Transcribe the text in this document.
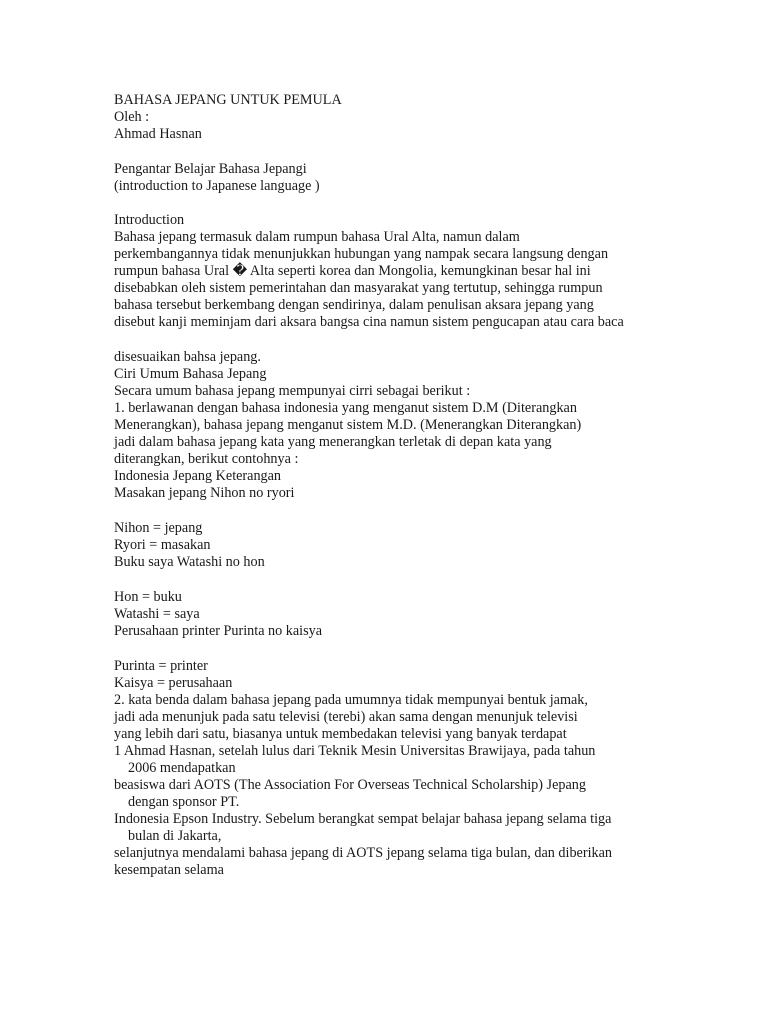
BAHASA JEPANG UNTUK PEMULA

Oleh :

Ahmad Hasnan

Pengantar Belajar Bahasa Jepangi

(introduction to Japanese language )

Introduction

Bahasa jepang termasuk dalam rumpun bahasa Ural Alta, namun dalam

perkembangannya tidak menunjukkan hubungan yang nampak secara langsung dengan

rumpun bahasa Ural � Alta seperti korea dan Mongolia, kemungkinan besar hal ini

disebabkan oleh sistem pemerintahan dan masyarakat yang tertutup, sehingga rumpun

bahasa tersebut berkembang dengan sendirinya, dalam penulisan aksara jepang yang

disebut kanji meminjam dari aksara bangsa cina namun sistem pengucapan atau cara baca

disesuaikan bahsa jepang.

Ciri Umum Bahasa Jepang

Secara umum bahasa jepang mempunyai cirri sebagai berikut :

1. berlawanan dengan bahasa indonesia yang menganut sistem D.M (Diterangkan

Menerangkan), bahasa jepang menganut sistem M.D. (Menerangkan Diterangkan)

jadi dalam bahasa jepang kata yang menerangkan terletak di depan kata yang

diterangkan, berikut contohnya :

Indonesia Jepang Keterangan

Masakan jepang Nihon no ryori

Nihon = jepang

Ryori = masakan

Buku saya Watashi no hon

Hon = buku

Watashi = saya

Perusahaan printer Purinta no kaisya

Purinta = printer

Kaisya = perusahaan

2. kata benda dalam bahasa jepang pada umumnya tidak mempunyai bentuk jamak,

jadi ada menunjuk pada satu televisi (terebi) akan sama dengan menunjuk televisi

yang lebih dari satu, biasanya untuk membedakan televisi yang banyak terdapat

1 Ahmad Hasnan, setelah lulus dari Teknik Mesin Universitas Brawijaya, pada tahun

2006 mendapatkan

beasiswa dari AOTS (The Association For Overseas Technical Scholarship) Jepang

dengan sponsor PT.

Indonesia Epson Industry. Sebelum berangkat sempat belajar bahasa jepang selama tiga

bulan di Jakarta,

selanjutnya mendalami bahasa jepang di AOTS jepang selama tiga bulan, dan diberikan

kesempatan selama
